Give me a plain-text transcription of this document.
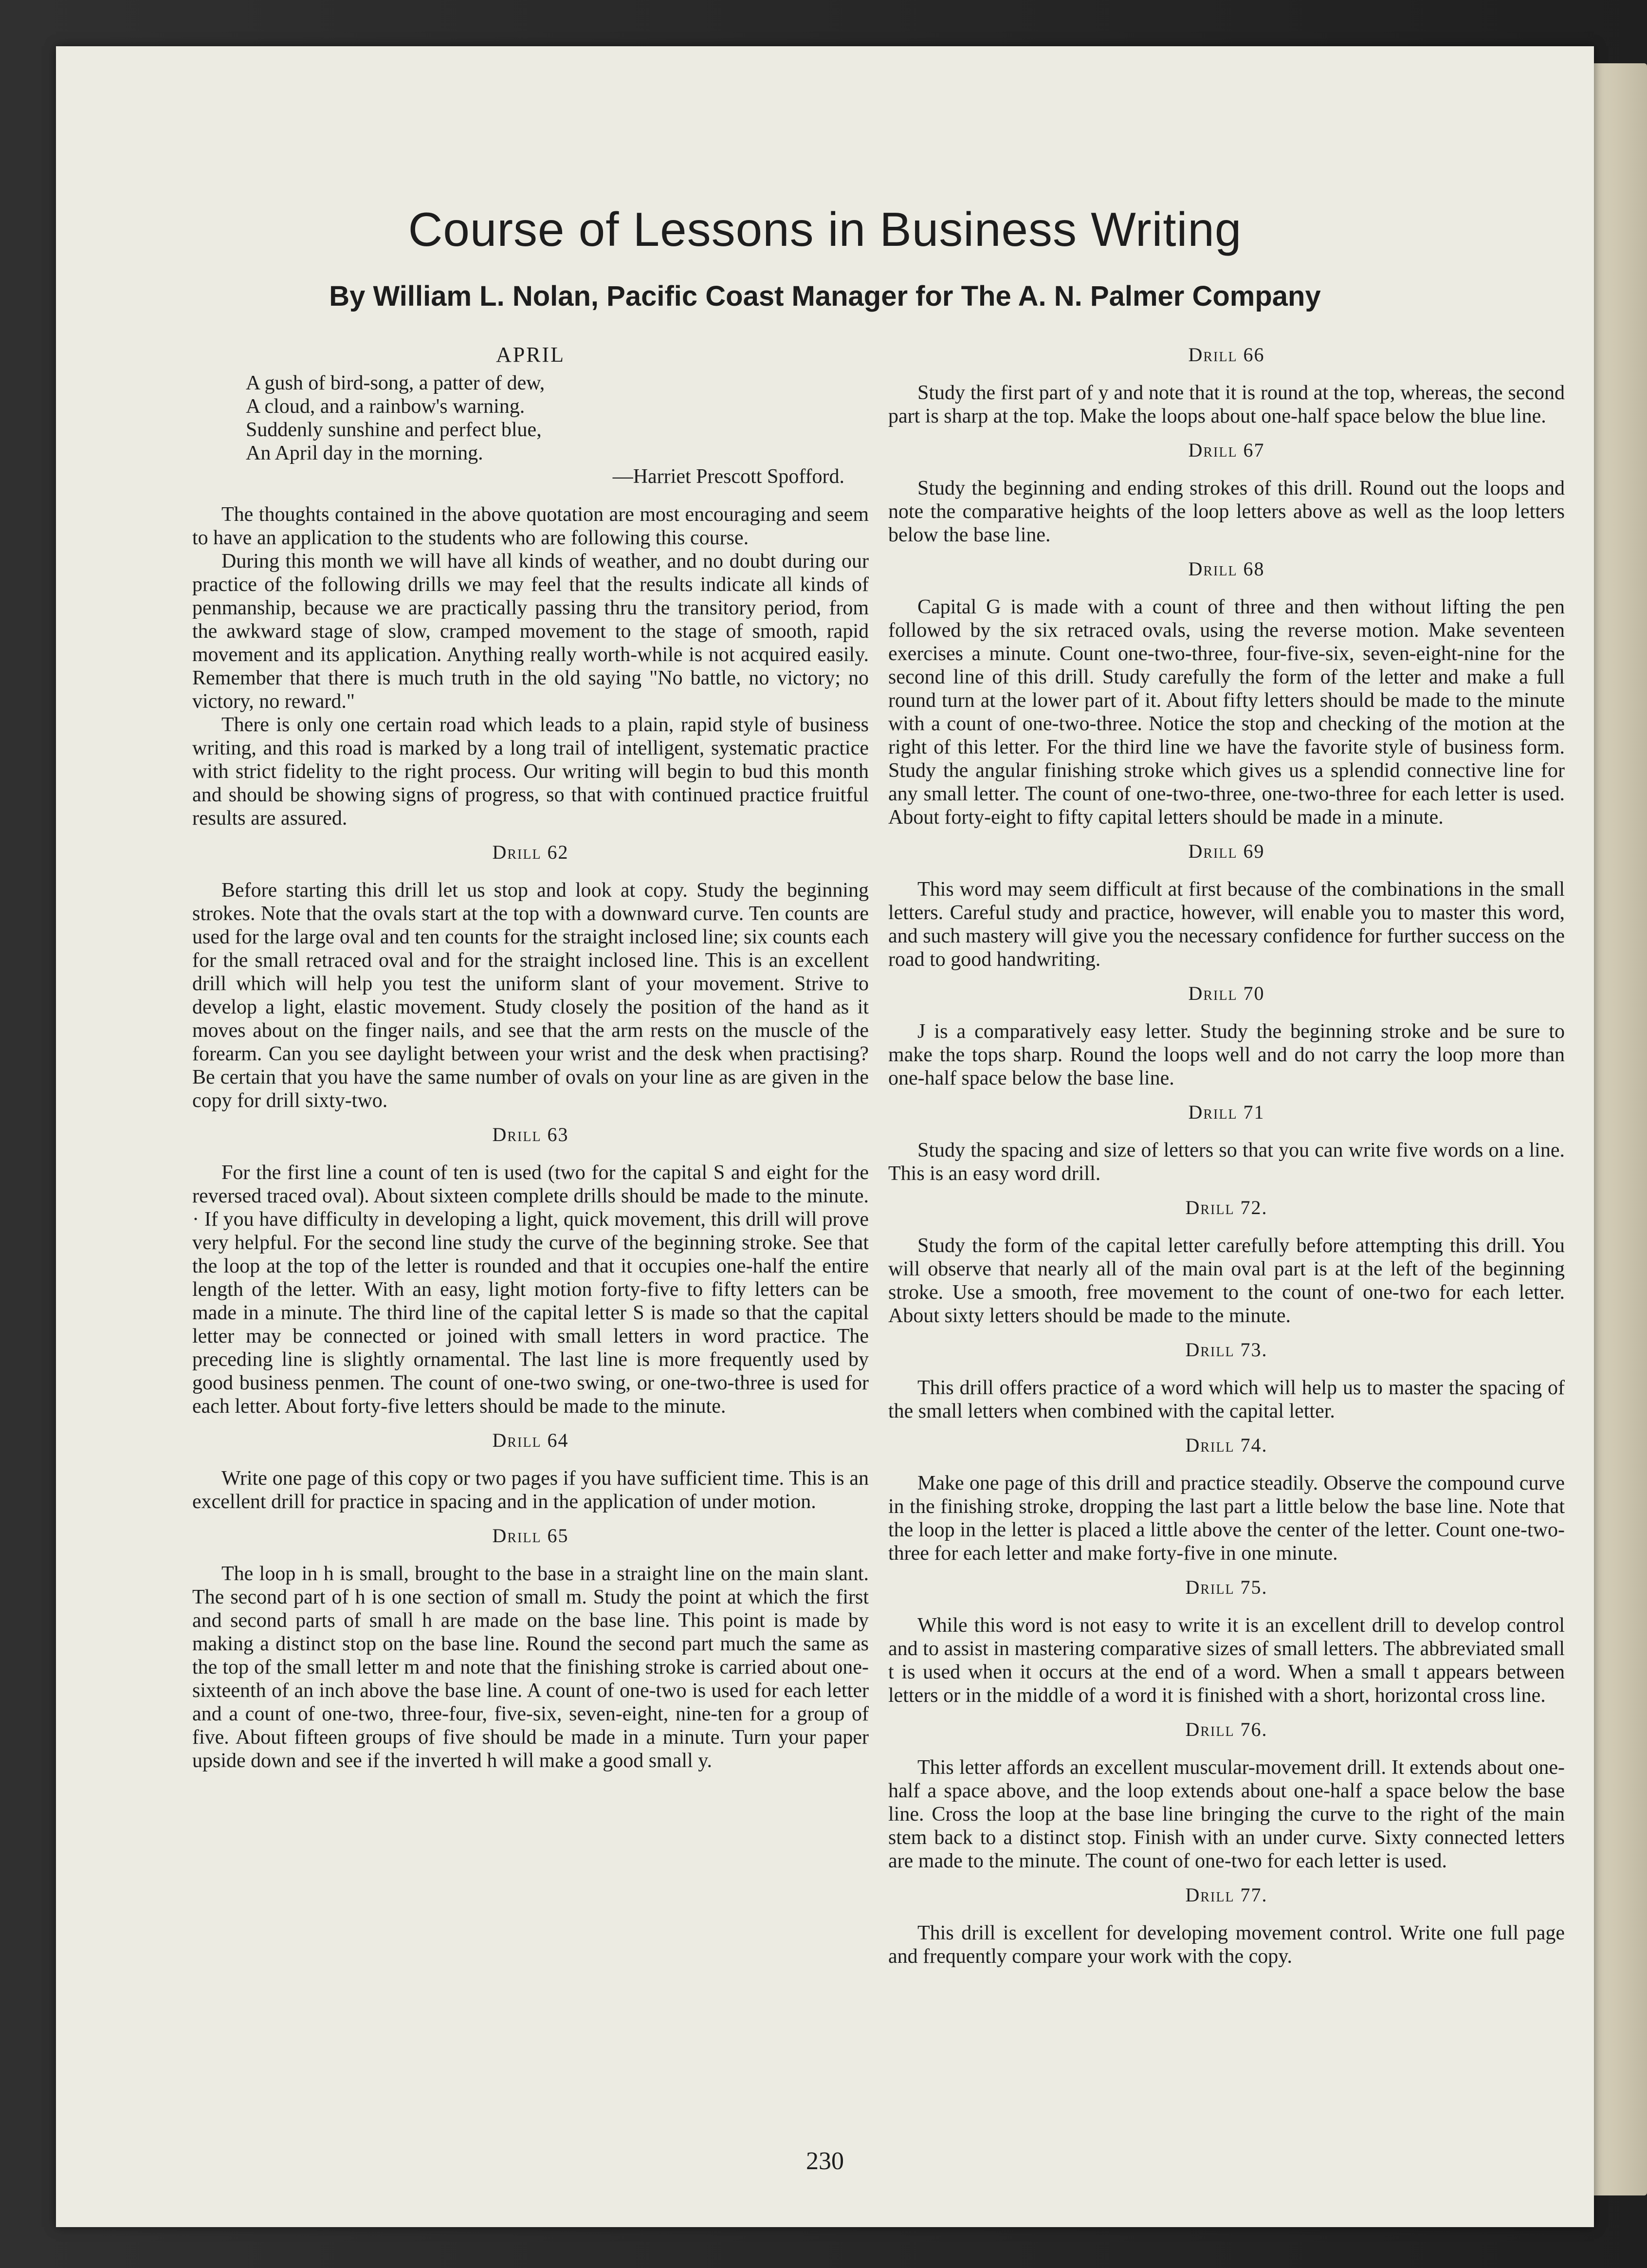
Course of Lessons in Business Writing
By William L. Nolan, Pacific Coast Manager for The A. N. Palmer Company
APRIL
A gush of bird-song, a patter of dew,
A cloud, and a rainbow's warning.
Suddenly sunshine and perfect blue,
An April day in the morning.
—Harriet Prescott Spofford.

The thoughts contained in the above quotation are most encouraging and seem to have an application to the students who are following this course.

During this month we will have all kinds of weather, and no doubt during our practice of the following drills we may feel that the results indicate all kinds of penmanship, because we are practically passing thru the transitory period, from the awkward stage of slow, cramped movement to the stage of smooth, rapid movement and its application. Anything really worth-while is not acquired easily. Remember that there is much truth in the old saying "No battle, no victory; no victory, no reward."

There is only one certain road which leads to a plain, rapid style of business writing, and this road is marked by a long trail of intelligent, systematic practice with strict fidelity to the right process. Our writing will begin to bud this month and should be showing signs of progress, so that with continued practice fruitful results are assured.

Drill 62

Before starting this drill let us stop and look at copy. Study the beginning strokes. Note that the ovals start at the top with a downward curve. Ten counts are used for the large oval and ten counts for the straight inclosed line; six counts each for the small retraced oval and for the straight inclosed line. This is an excellent drill which will help you test the uniform slant of your movement. Strive to develop a light, elastic movement. Study closely the position of the hand as it moves about on the finger nails, and see that the arm rests on the muscle of the forearm. Can you see daylight between your wrist and the desk when practising? Be certain that you have the same number of ovals on your line as are given in the copy for drill sixty-two.

Drill 63

For the first line a count of ten is used (two for the capital S and eight for the reversed traced oval). About sixteen complete drills should be made to the minute. · If you have difficulty in developing a light, quick movement, this drill will prove very helpful. For the second line study the curve of the beginning stroke. See that the loop at the top of the letter is rounded and that it occupies one-half the entire length of the letter. With an easy, light motion forty-five to fifty letters can be made in a minute. The third line of the capital letter S is made so that the capital letter may be connected or joined with small letters in word practice. The preceding line is slightly ornamental. The last line is more frequently used by good business penmen. The count of one-two swing, or one-two-three is used for each letter. About forty-five letters should be made to the minute.

Drill 64

Write one page of this copy or two pages if you have sufficient time. This is an excellent drill for practice in spacing and in the application of under motion.

Drill 65

The loop in h is small, brought to the base in a straight line on the main slant. The second part of h is one section of small m. Study the point at which the first and second parts of small h are made on the base line. This point is made by making a distinct stop on the base line. Round the second part much the same as the top of the small letter m and note that the finishing stroke is carried about one-sixteenth of an inch above the base line. A count of one-two is used for each letter and a count of one-two, three-four, five-six, seven-eight, nine-ten for a group of five. About fifteen groups of five should be made in a minute. Turn your paper upside down and see if the inverted h will make a good small y.

Drill 66

Study the first part of y and note that it is round at the top, whereas, the second part is sharp at the top. Make the loops about one-half space below the blue line.

Drill 67

Study the beginning and ending strokes of this drill. Round out the loops and note the comparative heights of the loop letters above as well as the loop letters below the base line.

Drill 68

Capital G is made with a count of three and then without lifting the pen followed by the six retraced ovals, using the reverse motion. Make seventeen exercises a minute. Count one-two-three, four-five-six, seven-eight-nine for the second line of this drill. Study carefully the form of the letter and make a full round turn at the lower part of it. About fifty letters should be made to the minute with a count of one-two-three. Notice the stop and checking of the motion at the right of this letter. For the third line we have the favorite style of business form. Study the angular finishing stroke which gives us a splendid connective line for any small letter. The count of one-two-three, one-two-three for each letter is used. About forty-eight to fifty capital letters should be made in a minute.

Drill 69

This word may seem difficult at first because of the combinations in the small letters. Careful study and practice, however, will enable you to master this word, and such mastery will give you the necessary confidence for further success on the road to good handwriting.

Drill 70

J is a comparatively easy letter. Study the beginning stroke and be sure to make the tops sharp. Round the loops well and do not carry the loop more than one-half space below the base line.

Drill 71

Study the spacing and size of letters so that you can write five words on a line. This is an easy word drill.

Drill 72.

Study the form of the capital letter carefully before attempting this drill. You will observe that nearly all of the main oval part is at the left of the beginning stroke. Use a smooth, free movement to the count of one-two for each letter. About sixty letters should be made to the minute.

Drill 73.

This drill offers practice of a word which will help us to master the spacing of the small letters when combined with the capital letter.

Drill 74.

Make one page of this drill and practice steadily. Observe the compound curve in the finishing stroke, dropping the last part a little below the base line. Note that the loop in the letter is placed a little above the center of the letter. Count one-two-three for each letter and make forty-five in one minute.

Drill 75.

While this word is not easy to write it is an excellent drill to develop control and to assist in mastering comparative sizes of small letters. The abbreviated small t is used when it occurs at the end of a word. When a small t appears between letters or in the middle of a word it is finished with a short, horizontal cross line.

Drill 76.

This letter affords an excellent muscular-movement drill. It extends about one-half a space above, and the loop extends about one-half a space below the base line. Cross the loop at the base line bringing the curve to the right of the main stem back to a distinct stop. Finish with an under curve. Sixty connected letters are made to the minute. The count of one-two for each letter is used.

Drill 77.

This drill is excellent for developing movement control. Write one full page and frequently compare your work with the copy.

230
